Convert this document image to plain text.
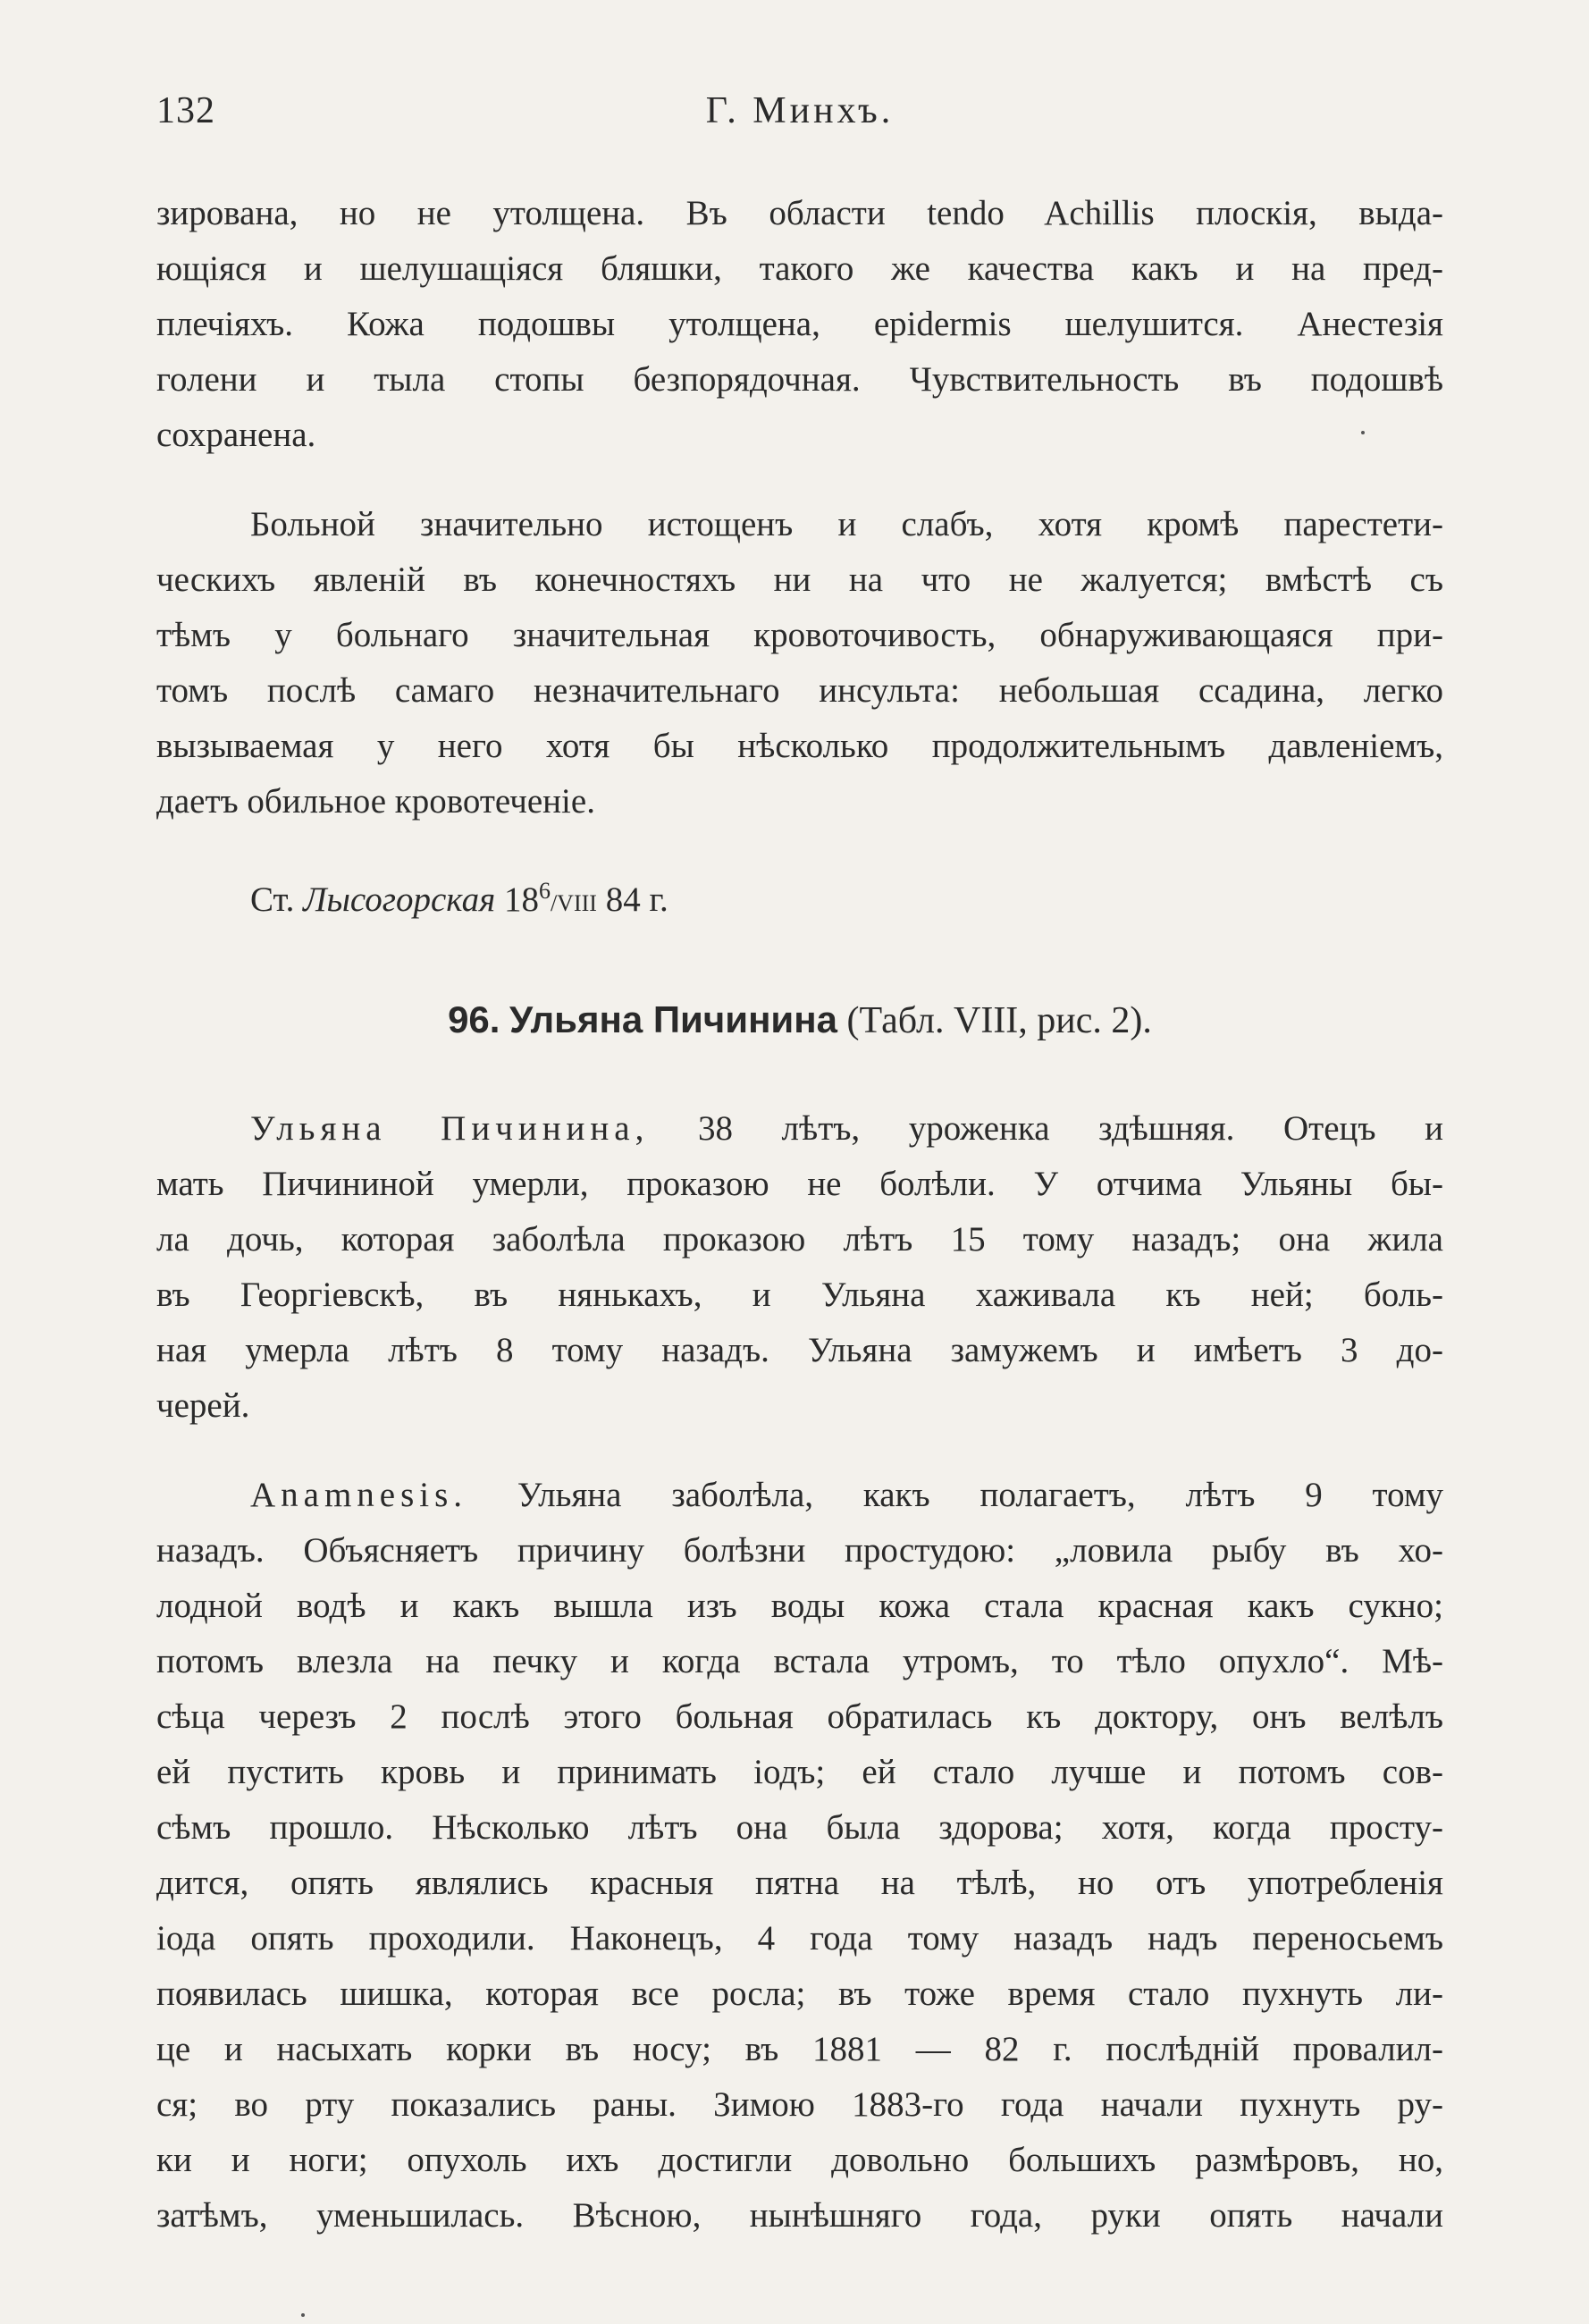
132	Г. Минхъ.
зирована, но не утолщена. Въ области tendo Achillis плоскія, выда-
ющіяся и шелушащіяся бляшки, такого же качества какъ и на пред-
плечіяхъ. Кожа подошвы утолщена, epidermis шелушится. Анестезія
голени и тыла стопы безпорядочная. Чувствительность въ подошвѣ
сохранена.
Больной значительно истощенъ и слабъ, хотя кромѣ парестети-
ческихъ явленій въ конечностяхъ ни на что не жалуется; вмѣстѣ съ
тѣмъ у больнаго значительная кровоточивость, обнаруживающаяся при-
томъ послѣ самаго незначительнаго инсульта: небольшая ссадина, легко
вызываемая у него хотя бы нѣсколько продолжительнымъ давленіемъ,
даетъ обильное кровотеченіе.
Ст. Лысогорская $18^6$/VIII 84 г.
96. Ульяна Пичинина (Табл. VIII, рис. 2).
Ульяна Пичинина, 38 лѣтъ, уроженка здѣшняя. Отецъ и
мать Пичининой умерли, проказою не болѣли. У отчима Ульяны бы-
ла дочь, которая заболѣла проказою лѣтъ 15 тому назадъ; она жила
въ Георгіевскѣ, въ нянькахъ, и Ульяна хаживала къ ней; боль-
ная умерла лѣтъ 8 тому назадъ. Ульяна замужемъ и имѣетъ 3 до-
черей.
Anamnesis. Ульяна заболѣла, какъ полагаетъ, лѣтъ 9 тому
назадъ. Объясняетъ причину болѣзни простудою: „ловила рыбу въ хо-
лодной водѣ и какъ вышла изъ воды кожа стала красная какъ сукно;
потомъ влезла на печку и когда встала утромъ, то тѣло опухло“. Мѣ-
сѣца черезъ 2 послѣ этого больная обратилась къ доктору, онъ велѣлъ
ей пустить кровь и принимать іодъ; ей стало лучше и потомъ сов-
сѣмъ прошло. Нѣсколько лѣтъ она была здорова; хотя, когда просту-
дится, опять являлись красныя пятна на тѣлѣ, но отъ употребленія
іода опять проходили. Наконецъ, 4 года тому назадъ надъ переносьемъ
появилась шишка, которая все росла; въ тоже время стало пухнуть ли-
це и насыхать корки въ носу; въ 1881 — 82 г. послѣдній провалил-
ся; во рту показались раны. Зимою 1883-го года начали пухнуть ру-
ки и ноги; опухоль ихъ достигли довольно большихъ размѣровъ, но,
затѣмъ, уменьшилась. Вѣсною, нынѣшняго года, руки опять начали
